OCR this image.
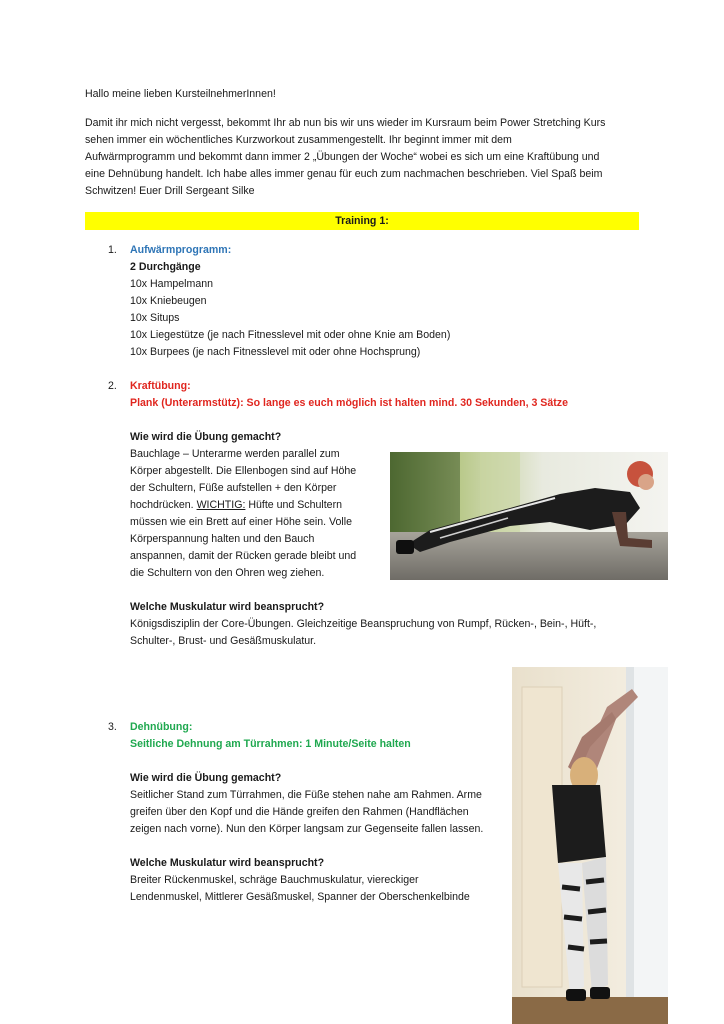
Hallo meine lieben KursteilnehmerInnen!

Damit ihr mich nicht vergesst, bekommt Ihr ab nun bis wir uns wieder im Kursraum beim Power Stretching Kurs

sehen immer ein wöchentliches Kurzworkout zusammengestellt. Ihr beginnt immer mit dem

Aufwärmprogramm und bekommt dann immer 2 „Übungen der Woche“ wobei es sich um eine Kraftübung und

eine Dehnübung handelt. Ich habe alles immer genau für euch zum nachmachen beschrieben. Viel Spaß beim

Schwitzen! Euer Drill Sergeant Silke

Training 1:
1. Aufwärmprogramm:

2 Durchgänge

10x Hampelmann

10x Kniebeugen

10x Situps

10x Liegestütze (je nach Fitnesslevel mit oder ohne Knie am Boden)

10x Burpees (je nach Fitnesslevel mit oder ohne Hochsprung)

2. Kraftübung:

Plank (Unterarmstütz): So lange es euch möglich ist halten mind. 30 Sekunden, 3 Sätze

Wie wird die Übung gemacht?

Bauchlage – Unterarme werden parallel zum

Körper abgestellt. Die Ellenbogen sind auf Höhe

der Schultern, Füße aufstellen + den Körper

hochdrücken. WICHTIG: Hüfte und Schultern

müssen wie ein Brett auf einer Höhe sein. Volle

Körperspannung halten und den Bauch

anspannen, damit der Rücken gerade bleibt und

die Schultern von den Ohren weg ziehen.

Welche Muskulatur wird beansprucht?

Königsdisziplin der Core-Übungen. Gleichzeitige Beanspruchung von Rumpf, Rücken-, Bein-, Hüft-,

Schulter-, Brust- und Gesäßmuskulatur.

3. Dehnübung:

Seitliche Dehnung am Türrahmen: 1 Minute/Seite halten

Wie wird die Übung gemacht?

Seitlicher Stand zum Türrahmen, die Füße stehen nahe am Rahmen. Arme

greifen über den Kopf und die Hände greifen den Rahmen (Handflächen

zeigen nach vorne). Nun den Körper langsam zur Gegenseite fallen lassen.

Welche Muskulatur wird beansprucht?

Breiter Rückenmuskel, schräge Bauchmuskulatur, viereckiger

Lendenmuskel, Mittlerer Gesäßmuskel, Spanner der Oberschenkelbinde
